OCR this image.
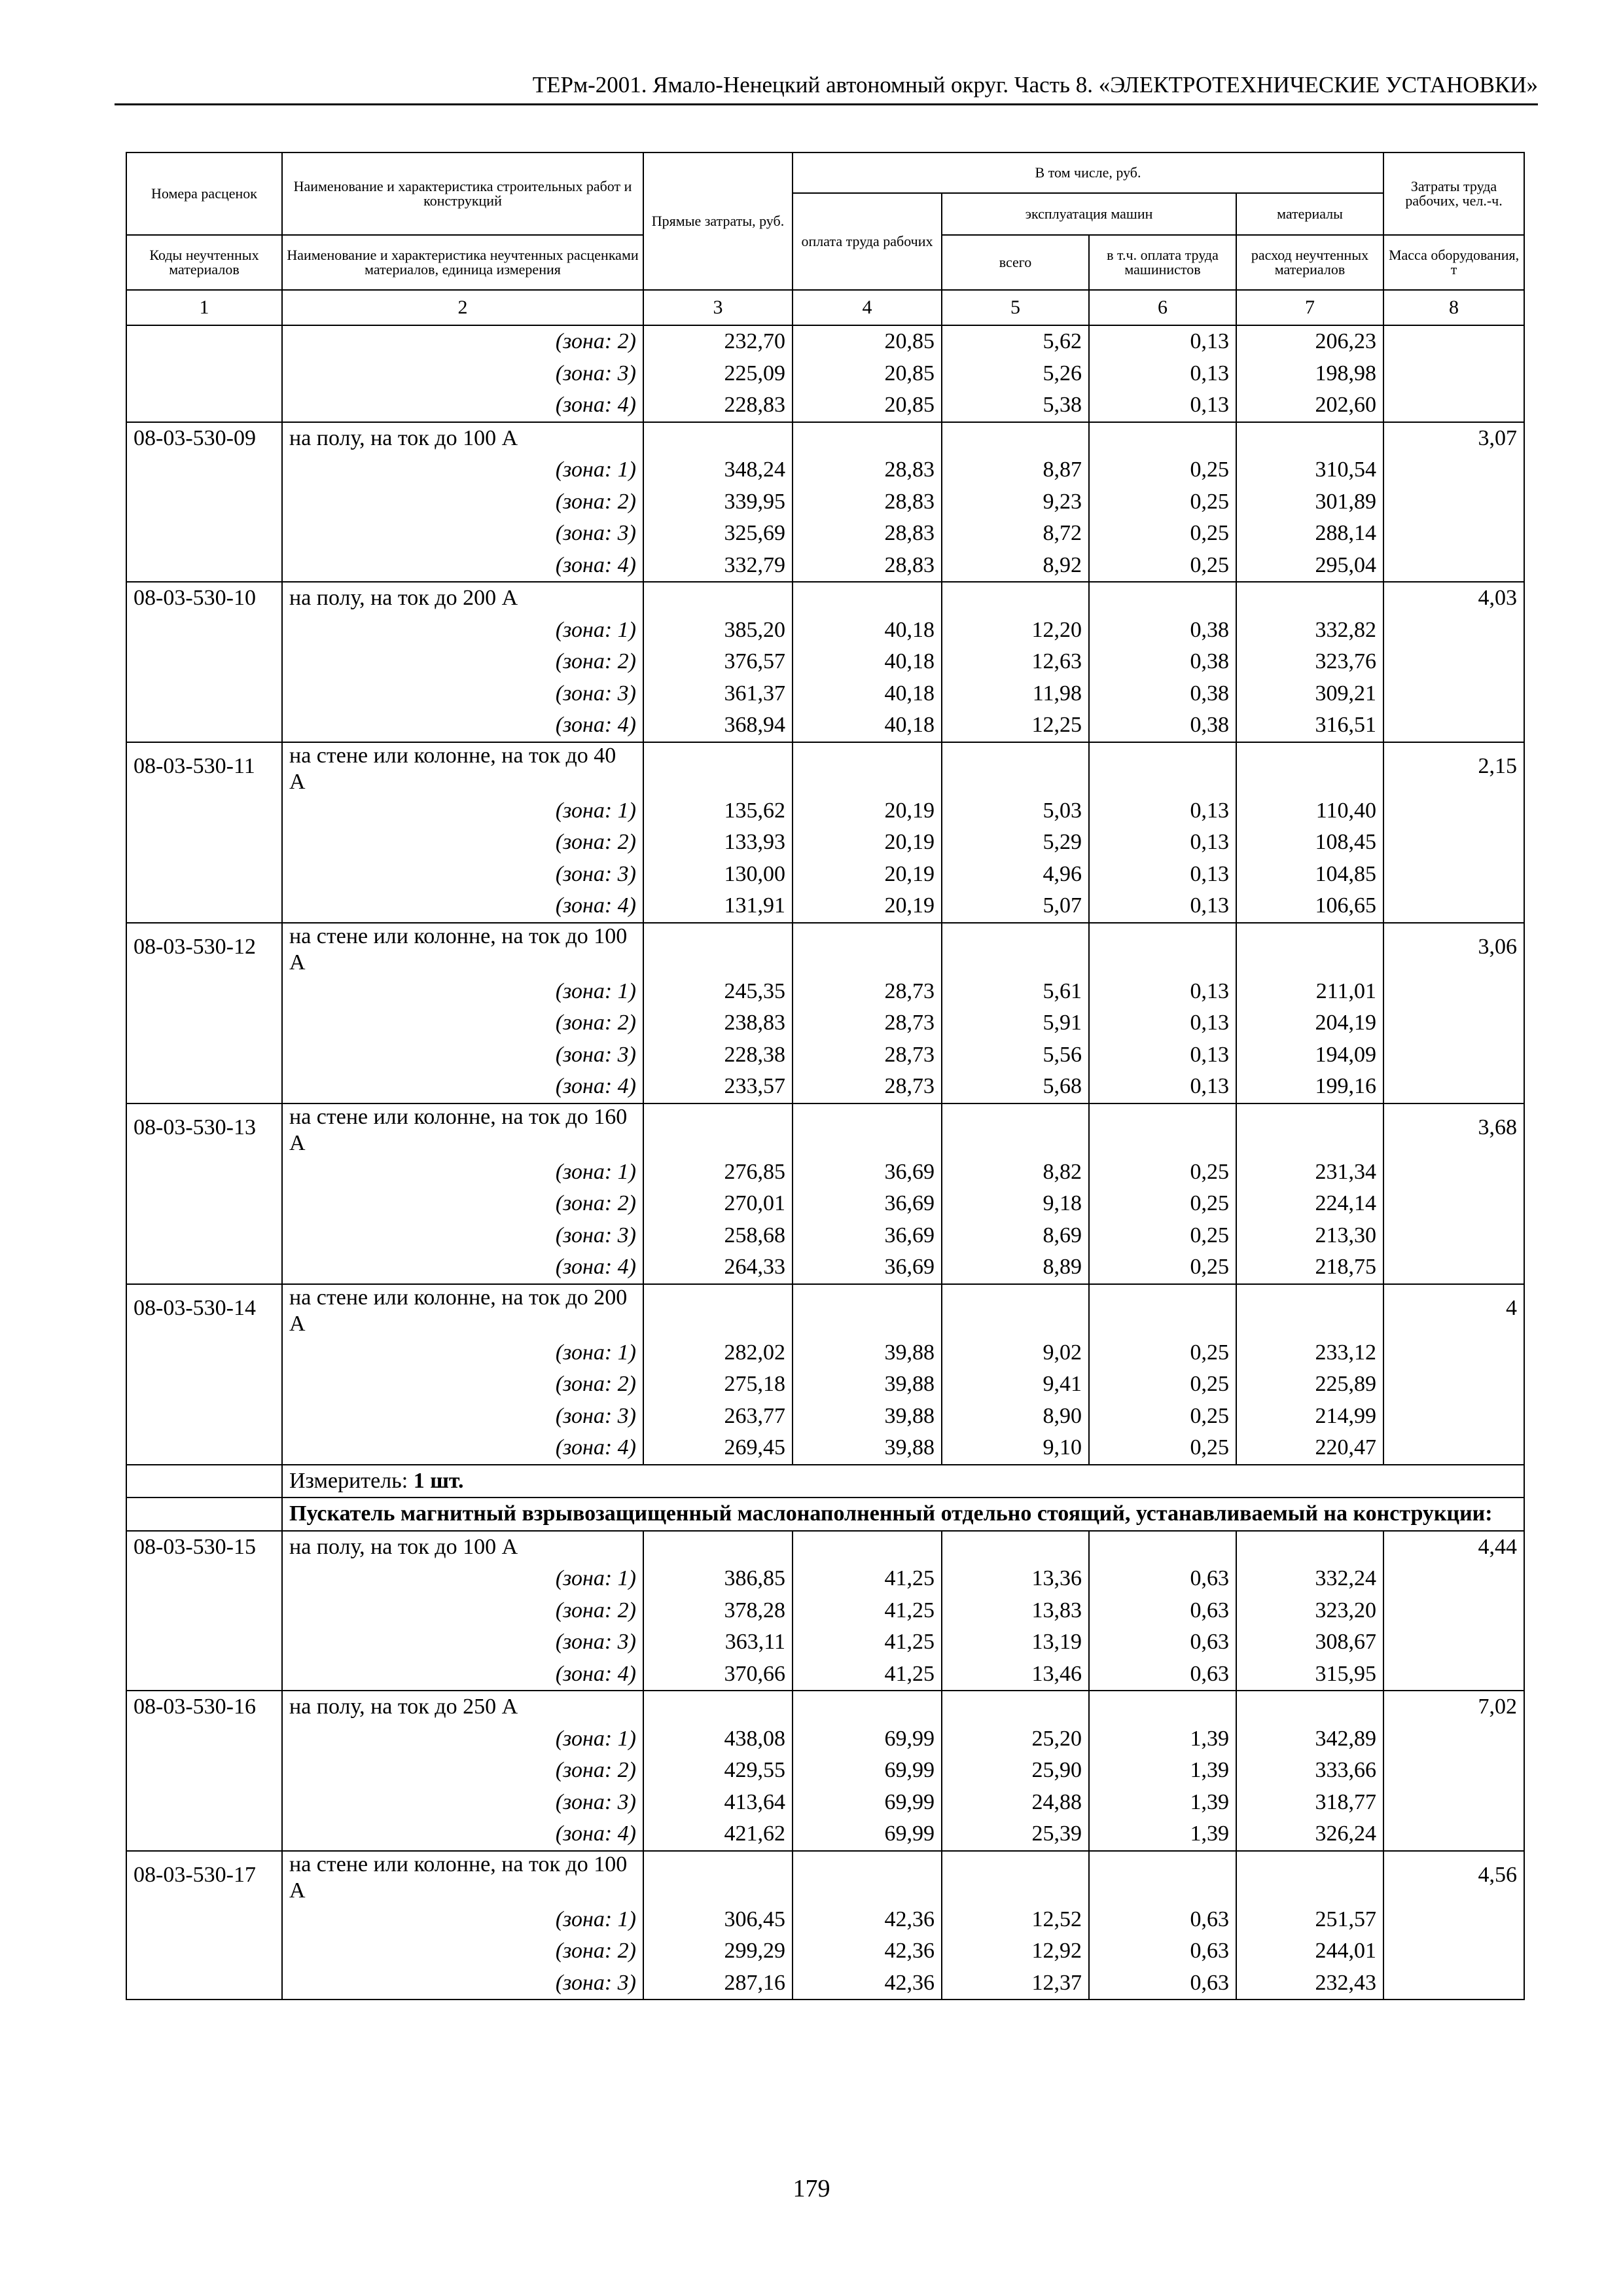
ТЕРм-2001. Ямало-Ненецкий автономный округ. Часть 8. «ЭЛЕКТРОТЕХНИЧЕСКИЕ УСТАНОВКИ»
Номера расценок	Наименование и характеристика строительных работ и конструкций	Прямые затраты, руб.	В том числе, руб.				Затраты труда рабочих, чел.-ч.
			оплата труда рабочих	эксплуатация машин		материалы	
Коды неучтенных материалов	Наименование и характеристика неучтенных расценками материалов, единица измерения			всего	в т.ч. оплата труда машинистов	расход неучтенных материалов	Масса оборудования, т
1	2	3	4	5	6	7	8
	(зона: 2)	232,70	20,85	5,62	0,13	206,23	
	(зона: 3)	225,09	20,85	5,26	0,13	198,98	
	(зона: 4)	228,83	20,85	5,38	0,13	202,60	
08-03-530-09	на полу, на ток до 100 А						3,07
	(зона: 1)	348,24	28,83	8,87	0,25	310,54	
	(зона: 2)	339,95	28,83	9,23	0,25	301,89	
	(зона: 3)	325,69	28,83	8,72	0,25	288,14	
	(зона: 4)	332,79	28,83	8,92	0,25	295,04	
08-03-530-10	на полу, на ток до 200 А						4,03
	(зона: 1)	385,20	40,18	12,20	0,38	332,82	
	(зона: 2)	376,57	40,18	12,63	0,38	323,76	
	(зона: 3)	361,37	40,18	11,98	0,38	309,21	
	(зона: 4)	368,94	40,18	12,25	0,38	316,51	
08-03-530-11	на стене или колонне, на ток до 40 А						2,15
	(зона: 1)	135,62	20,19	5,03	0,13	110,40	
	(зона: 2)	133,93	20,19	5,29	0,13	108,45	
	(зона: 3)	130,00	20,19	4,96	0,13	104,85	
	(зона: 4)	131,91	20,19	5,07	0,13	106,65	
08-03-530-12	на стене или колонне, на ток до 100 А						3,06
	(зона: 1)	245,35	28,73	5,61	0,13	211,01	
	(зона: 2)	238,83	28,73	5,91	0,13	204,19	
	(зона: 3)	228,38	28,73	5,56	0,13	194,09	
	(зона: 4)	233,57	28,73	5,68	0,13	199,16	
08-03-530-13	на стене или колонне, на ток до 160 А						3,68
	(зона: 1)	276,85	36,69	8,82	0,25	231,34	
	(зона: 2)	270,01	36,69	9,18	0,25	224,14	
	(зона: 3)	258,68	36,69	8,69	0,25	213,30	
	(зона: 4)	264,33	36,69	8,89	0,25	218,75	
08-03-530-14	на стене или колонне, на ток до 200 А						4
	(зона: 1)	282,02	39,88	9,02	0,25	233,12	
	(зона: 2)	275,18	39,88	9,41	0,25	225,89	
	(зона: 3)	263,77	39,88	8,90	0,25	214,99	
	(зона: 4)	269,45	39,88	9,10	0,25	220,47	
	Измеритель: 1 шт.						
	Пускатель магнитный взрывозащищенный маслонаполненный отдельно стоящий, устанавливаемый на конструкции:						
08-03-530-15	на полу, на ток до 100 А						4,44
	(зона: 1)	386,85	41,25	13,36	0,63	332,24	
	(зона: 2)	378,28	41,25	13,83	0,63	323,20	
	(зона: 3)	363,11	41,25	13,19	0,63	308,67	
	(зона: 4)	370,66	41,25	13,46	0,63	315,95	
08-03-530-16	на полу, на ток до 250 А						7,02
	(зона: 1)	438,08	69,99	25,20	1,39	342,89	
	(зона: 2)	429,55	69,99	25,90	1,39	333,66	
	(зона: 3)	413,64	69,99	24,88	1,39	318,77	
	(зона: 4)	421,62	69,99	25,39	1,39	326,24	
08-03-530-17	на стене или колонне, на ток до 100 А						4,56
	(зона: 1)	306,45	42,36	12,52	0,63	251,57	
	(зона: 2)	299,29	42,36	12,92	0,63	244,01	
	(зона: 3)	287,16	42,36	12,37	0,63	232,43	
179
